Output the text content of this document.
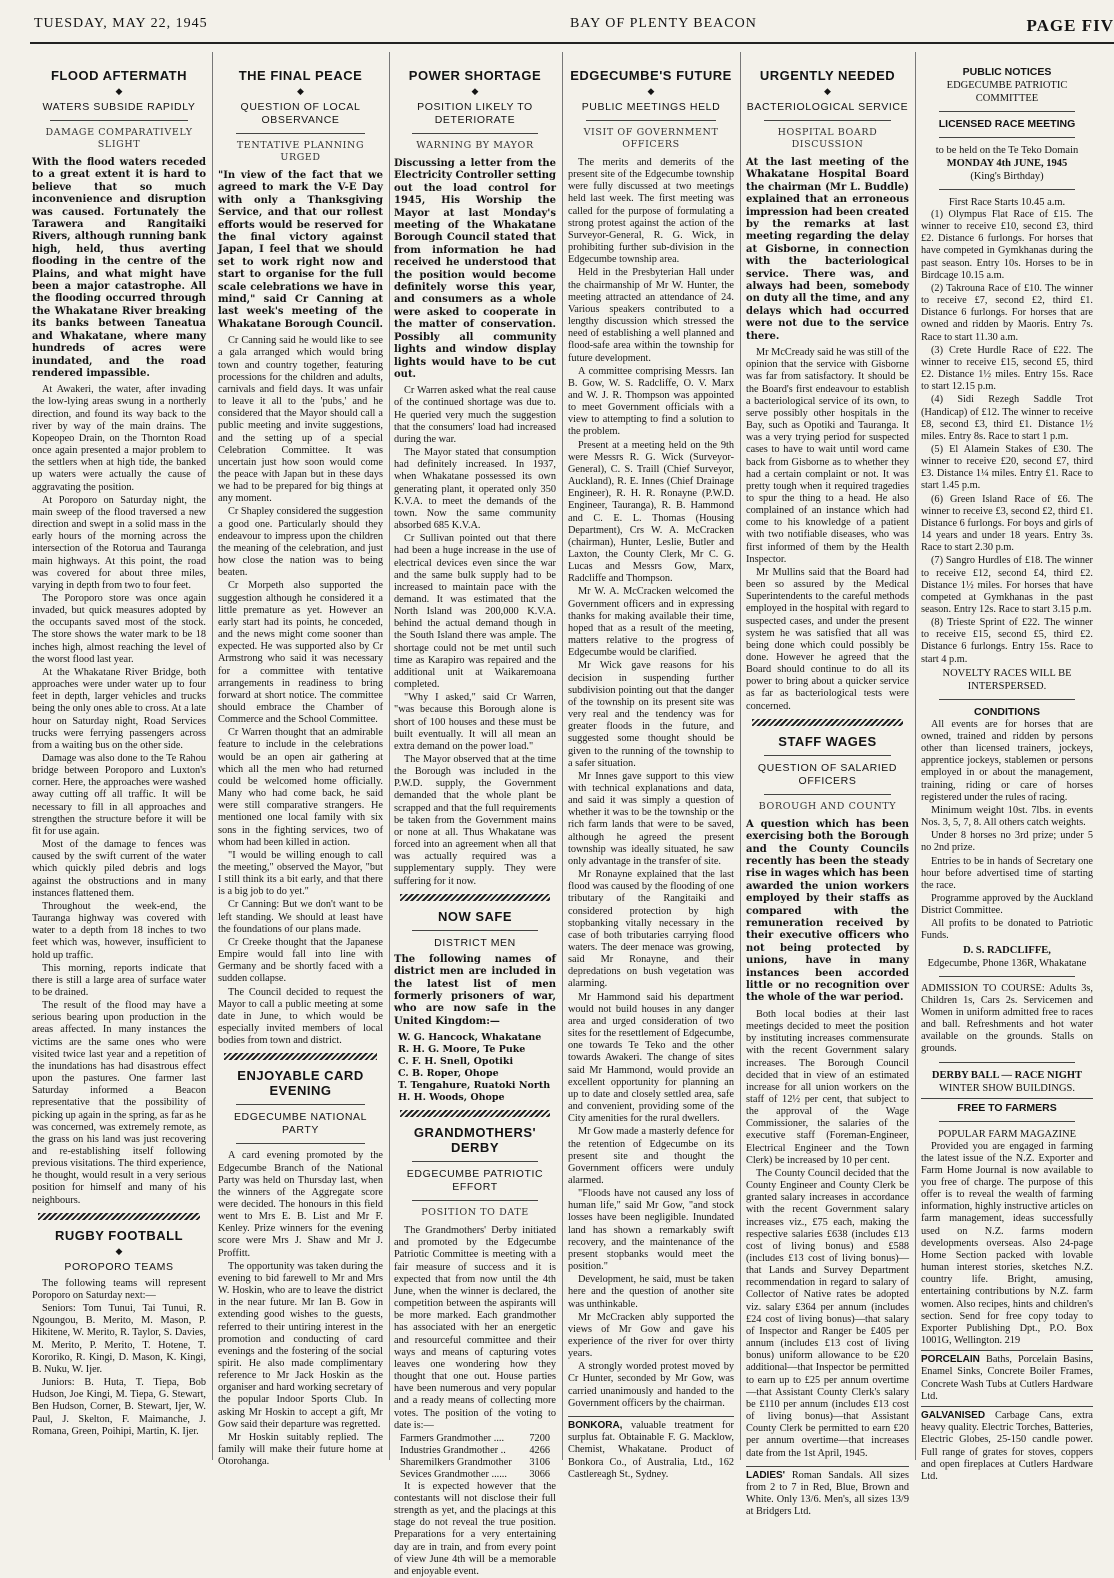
TUESDAY, MAY 22, 1945	BAY OF PLENTY BEACON	PAGE FIV
FLOOD AFTERMATH
◆
WATERS SUBSIDE RAPIDLY
DAMAGE COMPARATIVELY SLIGHT

With the flood waters receded to a great extent it is hard to believe that so much inconvenience and disruption was caused. Fortunately the Tarawera and Rangitaiki Rivers, although running bank high, held, thus averting flooding in the centre of the Plains, and what might have been a major catastrophe. All the flooding occurred through the Whakatane River breaking its banks between Taneatua and Whakatane, where many hundreds of acres were inundated, and the road rendered impassible.

At Awakeri, the water, after invading the low-lying areas swung in a northerly direction, and found its way back to the river by way of the main drains. The Kopeopeo Drain, on the Thornton Road once again presented a major problem to the settlers when at high tide, the banked up waters were actually the cause of aggravating the position.

At Poroporo on Saturday night, the main sweep of the flood traversed a new direction and swept in a solid mass in the early hours of the morning across the intersection of the Rotorua and Tauranga main highways. At this point, the road was covered for about three miles, varying in depth from two to four feet.

The Poroporo store was once again invaded, but quick measures adopted by the occupants saved most of the stock. The store shows the water mark to be 18 inches high, almost reaching the level of the worst flood last year.

At the Whakatane River Bridge, both approaches were under water up to four feet in depth, larger vehicles and trucks being the only ones able to cross. At a late hour on Saturday night, Road Services trucks were ferrying passengers across from a waiting bus on the other side.

Damage was also done to the Te Rahou bridge between Poroporo and Luxton's corner. Here, the approaches were washed away cutting off all traffic. It will be necessary to fill in all approaches and strengthen the structure before it will be fit for use again.

Most of the damage to fences was caused by the swift current of the water which quickly piled debris and logs against the obstructions and in many instances flattened them.

Throughout the week-end, the Tauranga highway was covered with water to a depth from 18 inches to two feet which was, however, insufficient to hold up traffic.

This morning, reports indicate that there is still a large area of surface water to be drained.

The result of the flood may have a serious bearing upon production in the areas affected. In many instances the victims are the same ones who were visited twice last year and a repetition of the inundations has had disastrous effect upon the pastures. One farmer last Saturday informed a Beacon representative that the possibility of picking up again in the spring, as far as he was concerned, was extremely remote, as the grass on his land was just recovering and re-establishing itself following previous visitations. The third experience, he thought, would result in a very serious position for himself and many of his neighbours.

RUGBY FOOTBALL
◆
POROPORO TEAMS

The following teams will represent Poroporo on Saturday next:—

Seniors: Tom Tunui, Tai Tunui, R. Ngoungou, B. Merito, M. Mason, P. Hikitene, W. Merito, R. Taylor, S. Davies, M. Merito, P. Merito, T. Hotene, T. Kororiko, R. Kingi, D. Mason, K. Kingi, B. Nuku, W. Ijer.

Juniors: B. Huta, T. Tiepa, Bob Hudson, Joe Kingi, M. Tiepa, G. Stewart, Ben Hudson, Corner, B. Stewart, Ijer, W. Paul, J. Skelton, F. Maimanche, J. Romana, Green, Poihipi, Martin, K. Ijer.

THE FINAL PEACE
◆
QUESTION OF LOCAL OBSERVANCE
TENTATIVE PLANNING URGED

"In view of the fact that we agreed to mark the V-E Day with only a Thanksgiving Service, and that our rollest efforts would be reserved for the final victory against Japan, I feel that we should set to work right now and start to organise for the full scale celebrations we have in mind," said Cr Canning at last week's meeting of the Whakatane Borough Council.

Cr Canning said he would like to see a gala arranged which would bring town and country together, featuring processions for the children and adults, carnivals and field days. It was unfair to leave it all to the 'pubs,' and he considered that the Mayor should call a public meeting and invite suggestions, and the setting up of a special Celebration Committee. It was uncertain just how soon would come the peace with Japan but in these days we had to be prepared for big things at any moment.

Cr Shapley considered the suggestion a good one. Particularly should they endeavour to impress upon the children the meaning of the celebration, and just how close the nation was to being beaten.

Cr Morpeth also supported the suggestion although he considered it a little premature as yet. However an early start had its points, he conceded, and the news might come sooner than expected. He was supported also by Cr Armstrong who said it was necessary for a committee with tentative arrangements in readiness to bring forward at short notice. The committee should embrace the Chamber of Commerce and the School Committee.

Cr Warren thought that an admirable feature to include in the celebrations would be an open air gathering at which all the men who had returned could be welcomed home officially. Many who had come back, he said were still comparative strangers. He mentioned one local family with six sons in the fighting services, two of whom had been killed in action.

"I would be willing enough to call the meeting," observed the Mayor, "but I still think its a bit early, and that there is a big job to do yet."

Cr Canning: But we don't want to be left standing. We should at least have the foundations of our plans made.

Cr Creeke thought that the Japanese Empire would fall into line with Germany and be shortly faced with a sudden collapse.

The Council decided to request the Mayor to call a public meeting at some date in June, to which would be especially invited members of local bodies from town and district.

ENJOYABLE CARD EVENING
EDGECUMBE NATIONAL PARTY

A card evening promoted by the Edgecumbe Branch of the National Party was held on Thursday last, when the winners of the Aggregate score were decided. The honours in this field went to Mrs E. B. List and Mr F. Kenley. Prize winners for the evening score were Mrs J. Shaw and Mr J. Proffitt.

The opportunity was taken during the evening to bid farewell to Mr and Mrs W. Hoskin, who are to leave the district in the near future. Mr Ian B. Gow in extending good wishes to the guests, referred to their untiring interest in the promotion and conducting of card evenings and the fostering of the social spirit. He also made complimentary reference to Mr Jack Hoskin as the organiser and hard working secretary of the popular Indoor Sports Club. In asking Mr Hoskin to accept a gift, Mr Gow said their departure was regretted.

Mr Hoskin suitably replied. The family will make their future home at Otorohanga.

POWER SHORTAGE
◆
POSITION LIKELY TO DETERIORATE
WARNING BY MAYOR

Discussing a letter from the Electricity Controller setting out the load control for 1945, His Worship the Mayor at last Monday's meeting of the Whakatane Borough Council stated that from information he had received he understood that the position would become definitely worse this year, and consumers as a whole were asked to cooperate in the matter of conservation. Possibly all community lights and window display lights would have to be cut out.

Cr Warren asked what the real cause of the continued shortage was due to. He queried very much the suggestion that the consumers' load had increased during the war.

The Mayor stated that consumption had definitely increased. In 1937, when Whakatane possessed its own generating plant, it operated only 350 K.V.A. to meet the demands of the town. Now the same community absorbed 685 K.V.A.

Cr Sullivan pointed out that there had been a huge increase in the use of electrical devices even since the war and the same bulk supply had to be increased to maintain pace with the demand. It was estimated that the North Island was 200,000 K.V.A. behind the actual demand though in the South Island there was ample. The shortage could not be met until such time as Karapiro was repaired and the additional unit at Waikaremoana completed.

"Why I asked," said Cr Warren, "was because this Borough alone is short of 100 houses and these must be built eventually. It will all mean an extra demand on the power load."

The Mayor observed that at the time the Borough was included in the P.W.D. supply, the Government demanded that the whole plant be scrapped and that the full requirements be taken from the Government mains or none at all. Thus Whakatane was forced into an agreement when all that was actually required was a supplementary supply. They were suffering for it now.

NOW SAFE
DISTRICT MEN

The following names of district men are included in the latest list of men formerly prisoners of war, who are now safe in the United Kingdom:—

W. G. Hancock, Whakatane
R. H. G. Moore, Te Puke
C. F. H. Snell, Opotiki
C. B. Roper, Ohope
T. Tengahure, Ruatoki North
H. H. Woods, Ohope
GRANDMOTHERS' DERBY
EDGECUMBE PATRIOTIC EFFORT
POSITION TO DATE

The Grandmothers' Derby initiated and promoted by the Edgecumbe Patriotic Committee is meeting with a fair measure of success and it is expected that from now until the 4th June, when the winner is declared, the competition between the aspirants will be more marked. Each grandmother has associated with her an energetic and resourceful committee and their ways and means of capturing votes leaves one wondering how they thought that one out. House parties have been numerous and very popular and a ready means of collecting more votes. The position of the voting to date is:—

Farmers Grandmother .... 7200
Industries Grandmother .. 4266
Sharemilkers Grandmother 3106
Sevices Grandmother ...... 3066

It is expected however that the contestants will not disclose their full strength as yet, and the placings at this stage do not reveal the true position. Preparations for a very entertaining day are in train, and from every point of view June 4th will be a memorable and enjoyable event.

EDGECUMBE'S FUTURE
◆
PUBLIC MEETINGS HELD
VISIT OF GOVERNMENT OFFICERS

The merits and demerits of the present site of the Edgecumbe township were fully discussed at two meetings held last week. The first meeting was called for the purpose of formulating a strong protest against the action of the Surveyor-General, R. G. Wick, in prohibiting further sub-division in the Edgecumbe township area.

Held in the Presbyterian Hall under the chairmanship of Mr W. Hunter, the meeting attracted an attendance of 24. Various speakers contributed to a lengthy discussion which stressed the need of establishing a well planned and flood-safe area within the township for future development.

A committee comprising Messrs. Ian B. Gow, W. S. Radcliffe, O. V. Marx and W. J. R. Thompson was appointed to meet Government officials with a view to attempting to find a solution to the problem.

Present at a meeting held on the 9th were Messrs R. G. Wick (Surveyor-General), C. S. Traill (Chief Surveyor, Auckland), R. E. Innes (Chief Drainage Engineer), R. H. R. Ronayne (P.W.D. Engineer, Tauranga), R. B. Hammond and C. E. L. Thomas (Housing Department), Crs W. A. McCracken (chairman), Hunter, Leslie, Butler and Laxton, the County Clerk, Mr C. G. Lucas and Messrs Gow, Marx, Radcliffe and Thompson.

Mr W. A. McCracken welcomed the Government officers and in expressing thanks for making available their time, hoped that as a result of the meeting, matters relative to the progress of Edgecumbe would be clarified.

Mr Wick gave reasons for his decision in suspending further subdivision pointing out that the danger of the township on its present site was very real and the tendency was for greater floods in the future, and suggested some thought should be given to the running of the township to a safer situation.

Mr Innes gave support to this view with technical explanations and data, and said it was simply a question of whether it was to be the township or the rich farm lands that were to be saved, although he agreed the present township was ideally situated, he saw only advantage in the transfer of site.

Mr Ronayne explained that the last flood was caused by the flooding of one tributary of the Rangitaiki and considered protection by high stopbanking vitally necessary in the case of both tributaries carrying flood waters. The deer menace was growing, said Mr Ronayne, and their depredations on bush vegetation was alarming.

Mr Hammond said his department would not build houses in any danger area and urged consideration of two sites for the resettlement of Edgecumbe, one towards Te Teko and the other towards Awakeri. The change of sites said Mr Hammond, would provide an excellent opportunity for planning an up to date and closely settled area, safe and convenient, providing some of the City amenities for the rural dwellers.

Mr Gow made a masterly defence for the retention of Edgecumbe on its present site and thought the Government officers were unduly alarmed.

"Floods have not caused any loss of human life," said Mr Gow, "and stock losses have been negligible. Inundated land has shown a remarkably swift recovery, and the maintenance of the present stopbanks would meet the position."

Development, he said, must be taken here and the question of another site was unthinkable.

Mr McCracken ably supported the views of Mr Gow and gave his experience of the river for over thirty years.

A strongly worded protest moved by Cr Hunter, seconded by Mr Gow, was carried unanimously and handed to the Government officers by the chairman.

BONKORA, valuable treatment for surplus fat. Obtainable F. G. Macklow, Chemist, Whakatane. Product of Bonkora Co., of Australia, Ltd., 162 Castlereagh St., Sydney.
URGENTLY NEEDED
◆
BACTERIOLOGICAL SERVICE
HOSPITAL BOARD DISCUSSION

At the last meeting of the Whakatane Hospital Board the chairman (Mr L. Buddle) explained that an erroneous impression had been created by the remarks at last meeting regarding the delay at Gisborne, in connection with the bacteriological service. There was, and always had been, somebody on duty all the time, and any delays which had occurred were not due to the service there.

Mr McCready said he was still of the opinion that the service with Gisborne was far from satisfactory. It should be the Board's first endeavour to establish a bacteriological service of its own, to serve possibly other hospitals in the Bay, such as Opotiki and Tauranga. It was a very trying period for suspected cases to have to wait until word came back from Gisborne as to whether they had a certain complaint or not. It was pretty tough when it required tragedies to spur the thing to a head. He also complained of an instance which had come to his knowledge of a patient with two notifiable diseases, who was first informed of them by the Health Inspector.

Mr Mullins said that the Board had been so assured by the Medical Superintendents to the careful methods employed in the hospital with regard to suspected cases, and under the present system he was satisfied that all was being done which could possibly be done. However he agreed that the Board should continue to do all its power to bring about a quicker service as far as bacteriological tests were concerned.

STAFF WAGES
QUESTION OF SALARIED OFFICERS
BOROUGH AND COUNTY

A question which has been exercising both the Borough and the County Councils recently has been the steady rise in wages which has been awarded the union workers employed by their staffs as compared with the remuneration received by their executive officers who not being protected by unions, have in many instances been accorded little or no recognition over the whole of the war period.

Both local bodies at their last meetings decided to meet the position by instituting increases commensurate with the recent Government salary increases. The Borough Council decided that in view of an estimated increase for all union workers on the staff of 12½ per cent, that subject to the approval of the Wage Commissioner, the salaries of the executive staff (Foreman-Engineer, Electrical Engineer and the Town Clerk) be increased by 10 per cent.

The County Council decided that the County Engineer and County Clerk be granted salary increases in accordance with the recent Government salary increases viz., £75 each, making the respective salaries £638 (includes £13 cost of living bonus) and £588 (includes £13 cost of living bonus)—that Lands and Survey Department recommendation in regard to salary of Collector of Native rates be adopted viz. salary £364 per annum (includes £24 cost of living bonus)—that salary of Inspector and Ranger be £405 per annum (includes £13 cost of living bonus) uniform allowance to be £20 additional—that Inspector be permitted to earn up to £25 per annum overtime—that Assistant County Clerk's salary be £110 per annum (includes £13 cost of living bonus)—that Assistant County Clerk be permitted to earn £20 per annum overtime—that increases date from the 1st April, 1945.

LADIES' Roman Sandals. All sizes from 2 to 7 in Red, Blue, Brown and White. Only 13/6. Men's, all sizes 13/9 at Bridgers Ltd.
PUBLIC NOTICES
EDGECUMBE PATRIOTIC COMMITTEE
LICENSED RACE MEETING
to be held on the Te Teko Domain
MONDAY 4th JUNE, 1945
(King's Birthday)
First Race Starts 10.45 a.m.

(1) Olympus Flat Race of £15. The winner to receive £10, second £3, third £2. Distance 6 furlongs. For horses that have competed in Gymkhanas during the past season. Entry 10s. Horses to be in Birdcage 10.15 a.m.

(2) Takrouna Race of £10. The winner to receive £7, second £2, third £1. Distance 6 furlongs. For horses that are owned and ridden by Maoris. Entry 7s. Race to start 11.30 a.m.

(3) Crete Hurdle Race of £22. The winner to receive £15, second £5, third £2. Distance 1½ miles. Entry 15s. Race to start 12.15 p.m.

(4) Sidi Rezegh Saddle Trot (Handicap) of £12. The winner to receive £8, second £3, third £1. Distance 1½ miles. Entry 8s. Race to start 1 p.m.

(5) El Alamein Stakes of £30. The winner to receive £20, second £7, third £3. Distance 1¼ miles. Entry £1. Race to start 1.45 p.m.

(6) Green Island Race of £6. The winner to receive £3, second £2, third £1. Distance 6 furlongs. For boys and girls of 14 years and under 18 years. Entry 3s. Race to start 2.30 p.m.

(7) Sangro Hurdles of £18. The winner to receive £12, second £4, third £2. Distance 1½ miles. For horses that have competed at Gymkhanas in the past season. Entry 12s. Race to start 3.15 p.m.

(8) Trieste Sprint of £22. The winner to receive £15, second £5, third £2. Distance 6 furlongs. Entry 15s. Race to start 4 p.m.

NOVELTY RACES WILL BE INTERSPERSED.
CONDITIONS

All events are for horses that are owned, trained and ridden by persons other than licensed trainers, jockeys, apprentice jockeys, stablemen or persons employed in or about the management, training, riding or care of horses registered under the rules of racing.

Minimum weight 10st. 7lbs. in events Nos. 3, 5, 7, 8. All others catch weights.

Under 8 horses no 3rd prize; under 5 no 2nd prize.

Entries to be in hands of Secretary one hour before advertised time of starting the race.

Programme approved by the Auckland District Committee.

All profits to be donated to Patriotic Funds.

D. S. RADCLIFFE,
Edgecumbe, Phone 136R, Whakatane

ADMISSION TO COURSE: Adults 3s, Children 1s, Cars 2s. Servicemen and Women in uniform admitted free to races and ball. Refreshments and hot water available on the grounds. Stalls on grounds.

DERBY BALL — RACE NIGHT
WINTER SHOW BUILDINGS.
FREE TO FARMERS
POPULAR FARM MAGAZINE

Provided you are engaged in farming the latest issue of the N.Z. Exporter and Farm Home Journal is now available to you free of charge. The purpose of this offer is to reveal the wealth of farming information, highly instructive articles on farm management, ideas successfully used on N.Z. farms modern developments overseas. Also 24-page Home Section packed with lovable human interest stories, sketches N.Z. country life. Bright, amusing, entertaining contributions by N.Z. farm women. Also recipes, hints and children's section. Send for free copy today to Exporter Publishing Dpt., P.O. Box 1001G, Wellington. 219

PORCELAIN Baths, Porcelain Basins, Enamel Sinks, Concrete Boiler Frames, Concrete Wash Tubs at Cutlers Hardware Ltd.
GALVANISED Carbage Cans, extra heavy quality. Electric Torches, Batteries, Electric Globes, 25-150 candle power. Full range of grates for stoves, coppers and open fireplaces at Cutlers Hardware Ltd.
